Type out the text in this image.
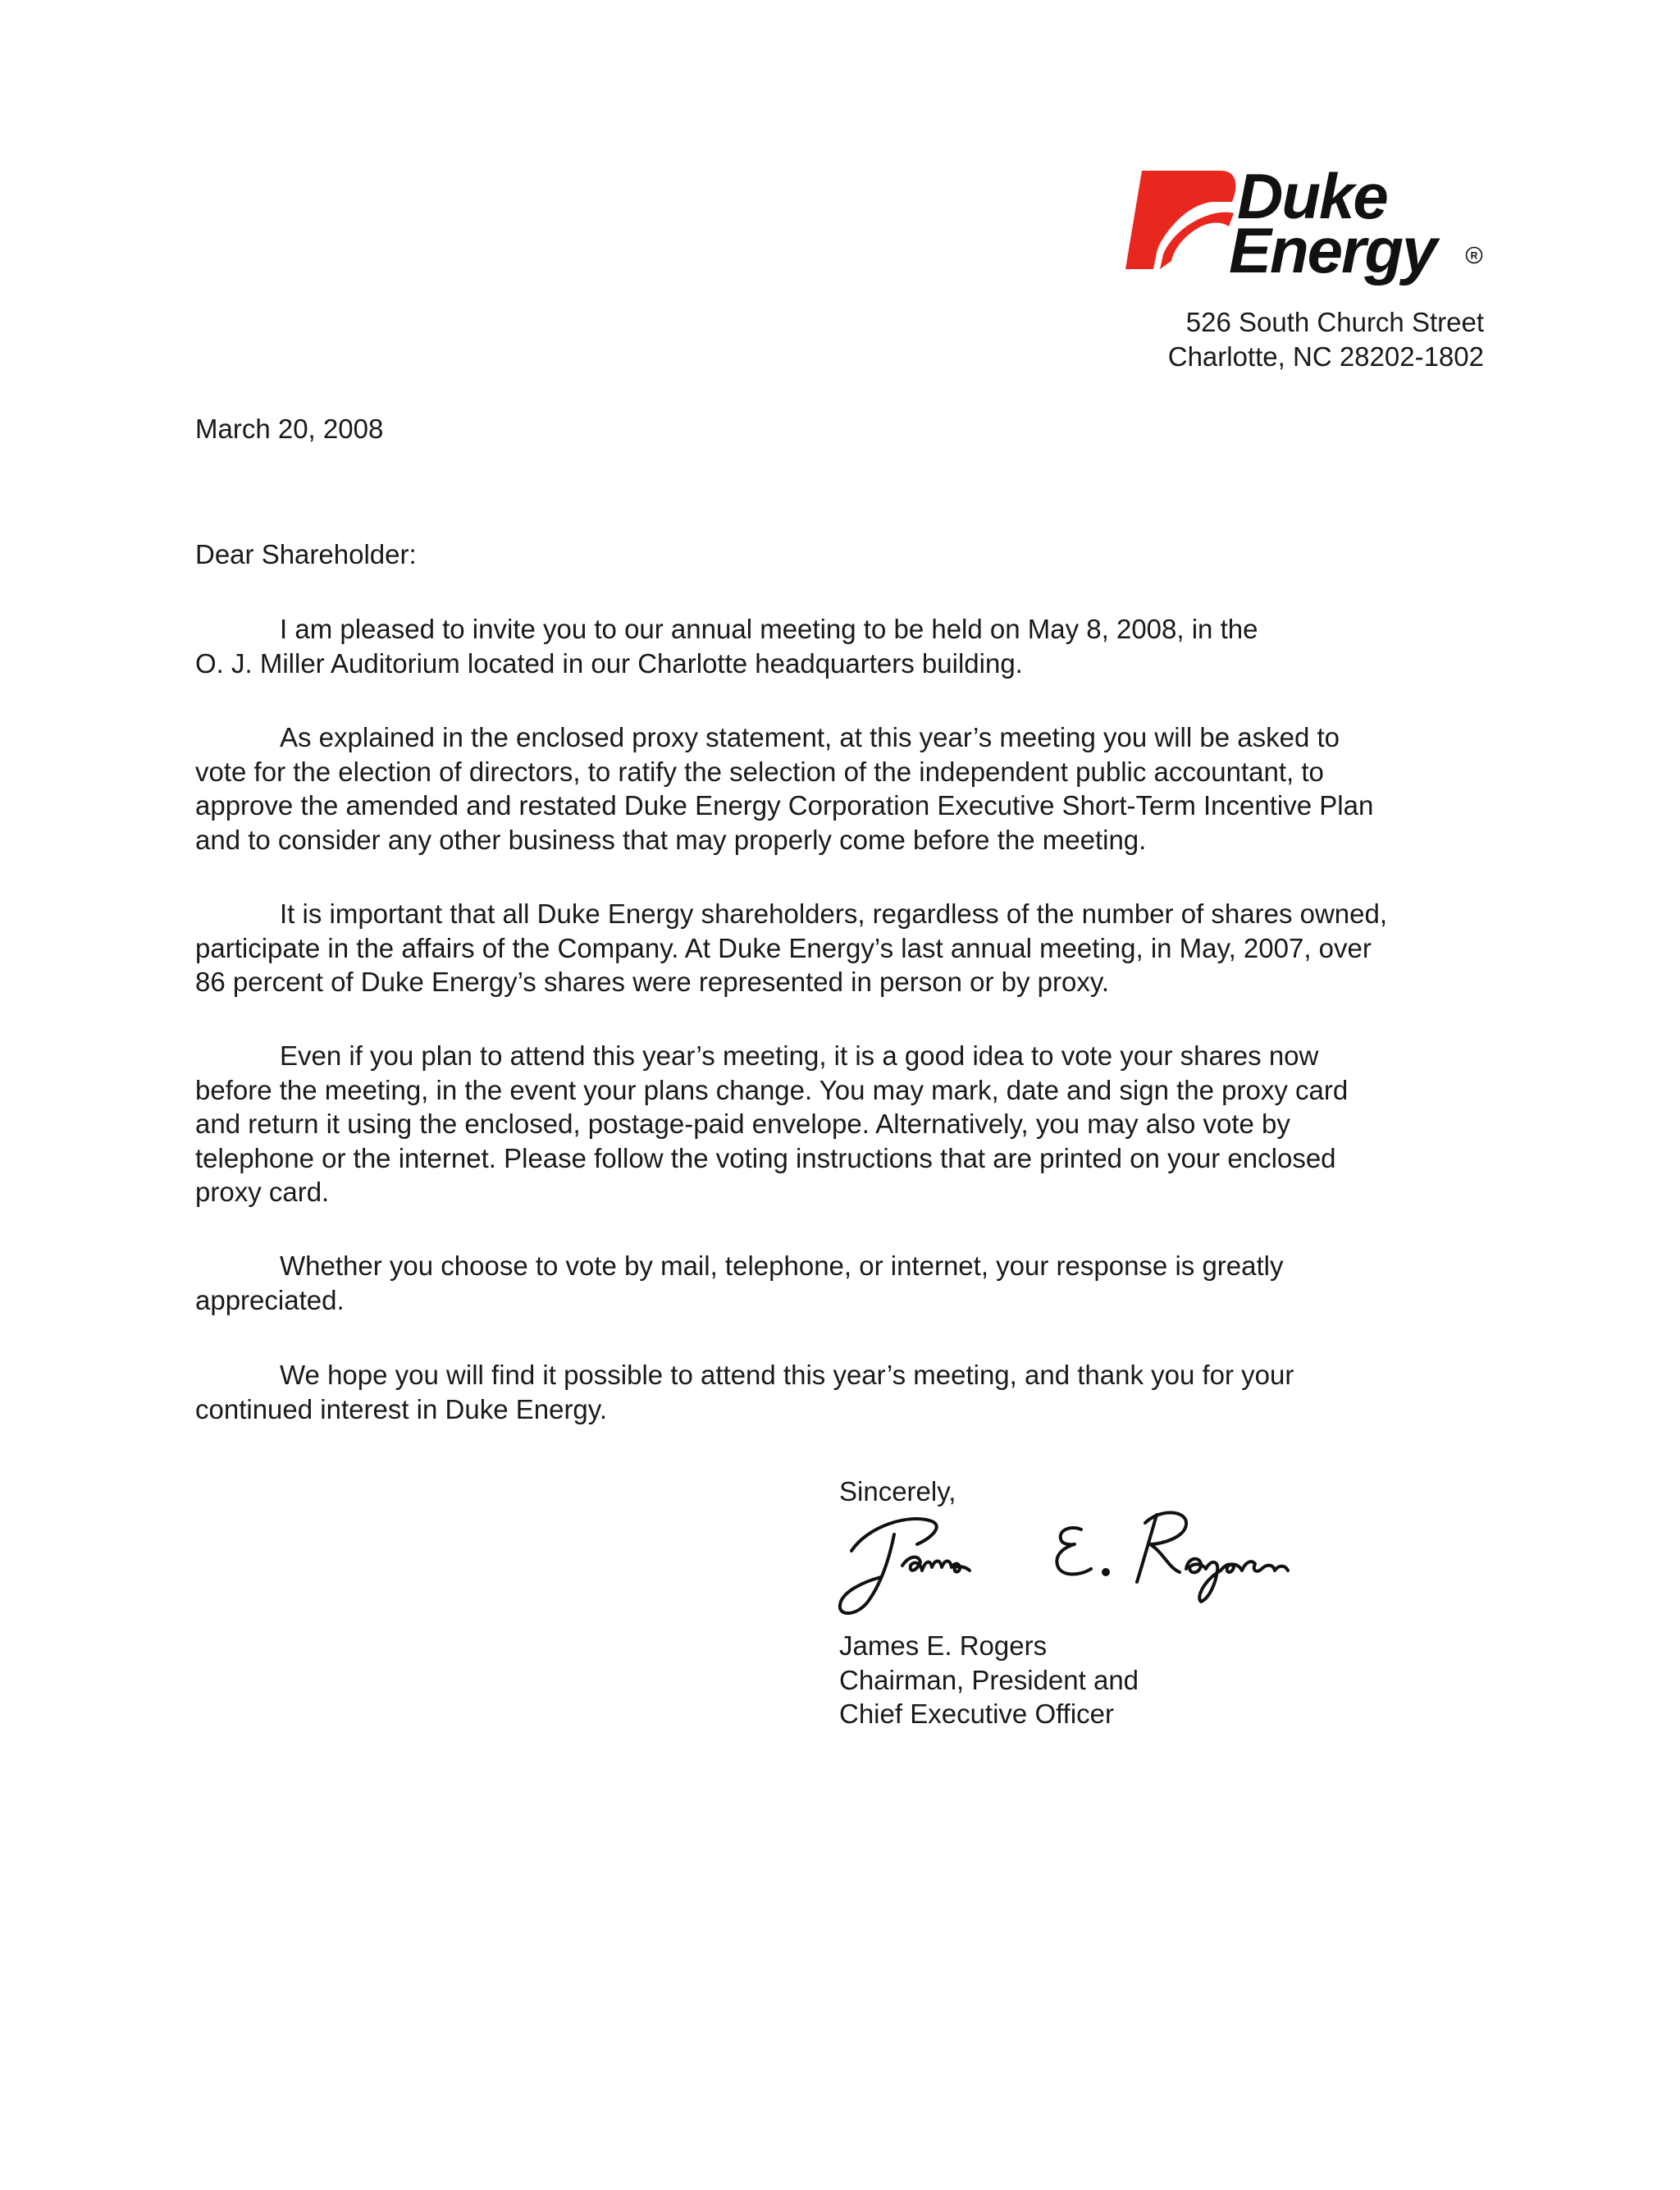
Duke
Energy	R
526 South Church Street
Charlotte, NC 28202-1802
March 20, 2008
Dear Shareholder:
I am pleased to invite you to our annual meeting to be held on May 8, 2008, in the
O. J. Miller Auditorium located in our Charlotte headquarters building.
As explained in the enclosed proxy statement, at this year’s meeting you will be asked to
vote for the election of directors, to ratify the selection of the independent public accountant, to
approve the amended and restated Duke Energy Corporation Executive Short-Term Incentive Plan
and to consider any other business that may properly come before the meeting.
It is important that all Duke Energy shareholders, regardless of the number of shares owned,
participate in the affairs of the Company. At Duke Energy’s last annual meeting, in May, 2007, over
86 percent of Duke Energy’s shares were represented in person or by proxy.
Even if you plan to attend this year’s meeting, it is a good idea to vote your shares now
before the meeting, in the event your plans change. You may mark, date and sign the proxy card
and return it using the enclosed, postage-paid envelope. Alternatively, you may also vote by
telephone or the internet. Please follow the voting instructions that are printed on your enclosed
proxy card.
Whether you choose to vote by mail, telephone, or internet, your response is greatly
appreciated.
We hope you will find it possible to attend this year’s meeting, and thank you for your
continued interest in Duke Energy.
Sincerely,
James E. Rogers
Chairman, President and
Chief Executive Officer
